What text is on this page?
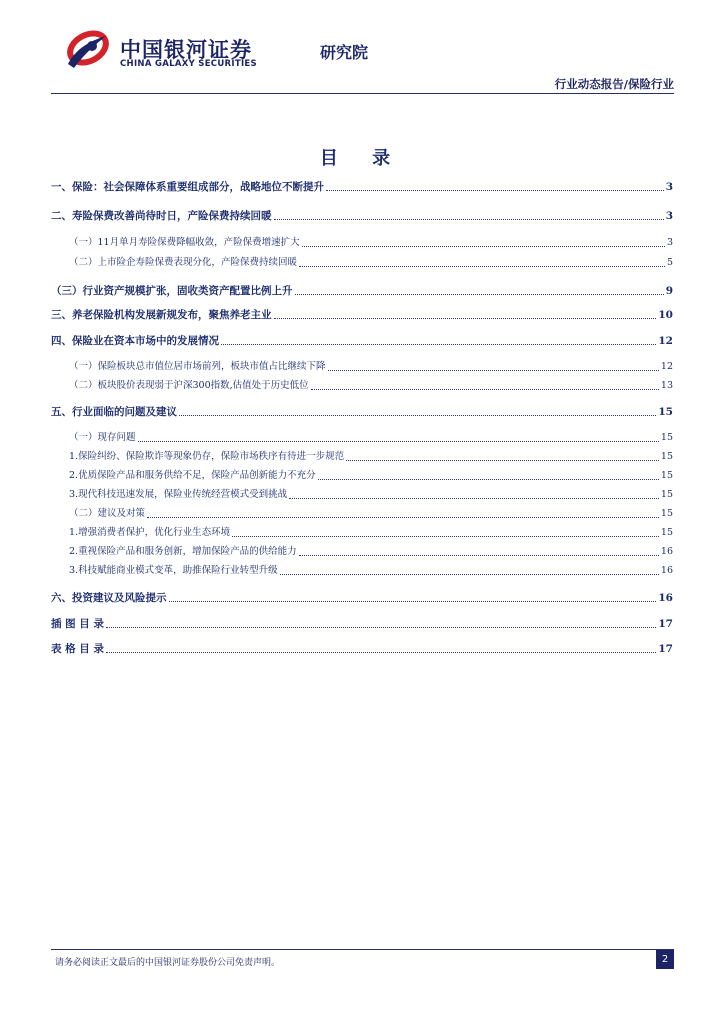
中国银河证券
CHINA GALAXY SECURITIES
研究院
行业动态报告/保险行业
目 录
一、保险：社会保障体系重要组成部分，战略地位不断提升	3
二、寿险保费改善尚待时日，产险保费持续回暖	3
（一）11月单月寿险保费降幅收敛，产险保费增速扩大	3
（二）上市险企寿险保费表现分化，产险保费持续回暖	5
（三）行业资产规模扩张，固收类资产配置比例上升	9
三、养老保险机构发展新规发布，聚焦养老主业	10
四、保险业在资本市场中的发展情况	12
（一）保险板块总市值位居市场前列，板块市值占比继续下降	12
（二）板块股价表现弱于沪深300指数,估值处于历史低位	13
五、行业面临的问题及建议	15
（一）现存问题	15
1.保险纠纷、保险欺诈等现象仍存，保险市场秩序有待进一步规范	15
2.优质保险产品和服务供给不足，保险产品创新能力不充分	15
3.现代科技迅速发展，保险业传统经营模式受到挑战	15
（二）建议及对策	15
1.增强消费者保护，优化行业生态环境	15
2.重视保险产品和服务创新，增加保险产品的供给能力	16
3.科技赋能商业模式变革，助推保险行业转型升级	16
六、投资建议及风险提示	16
插 图 目 录	17
表 格 目 录	17
请务必阅读正文最后的中国银河证券股份公司免责声明。	2
